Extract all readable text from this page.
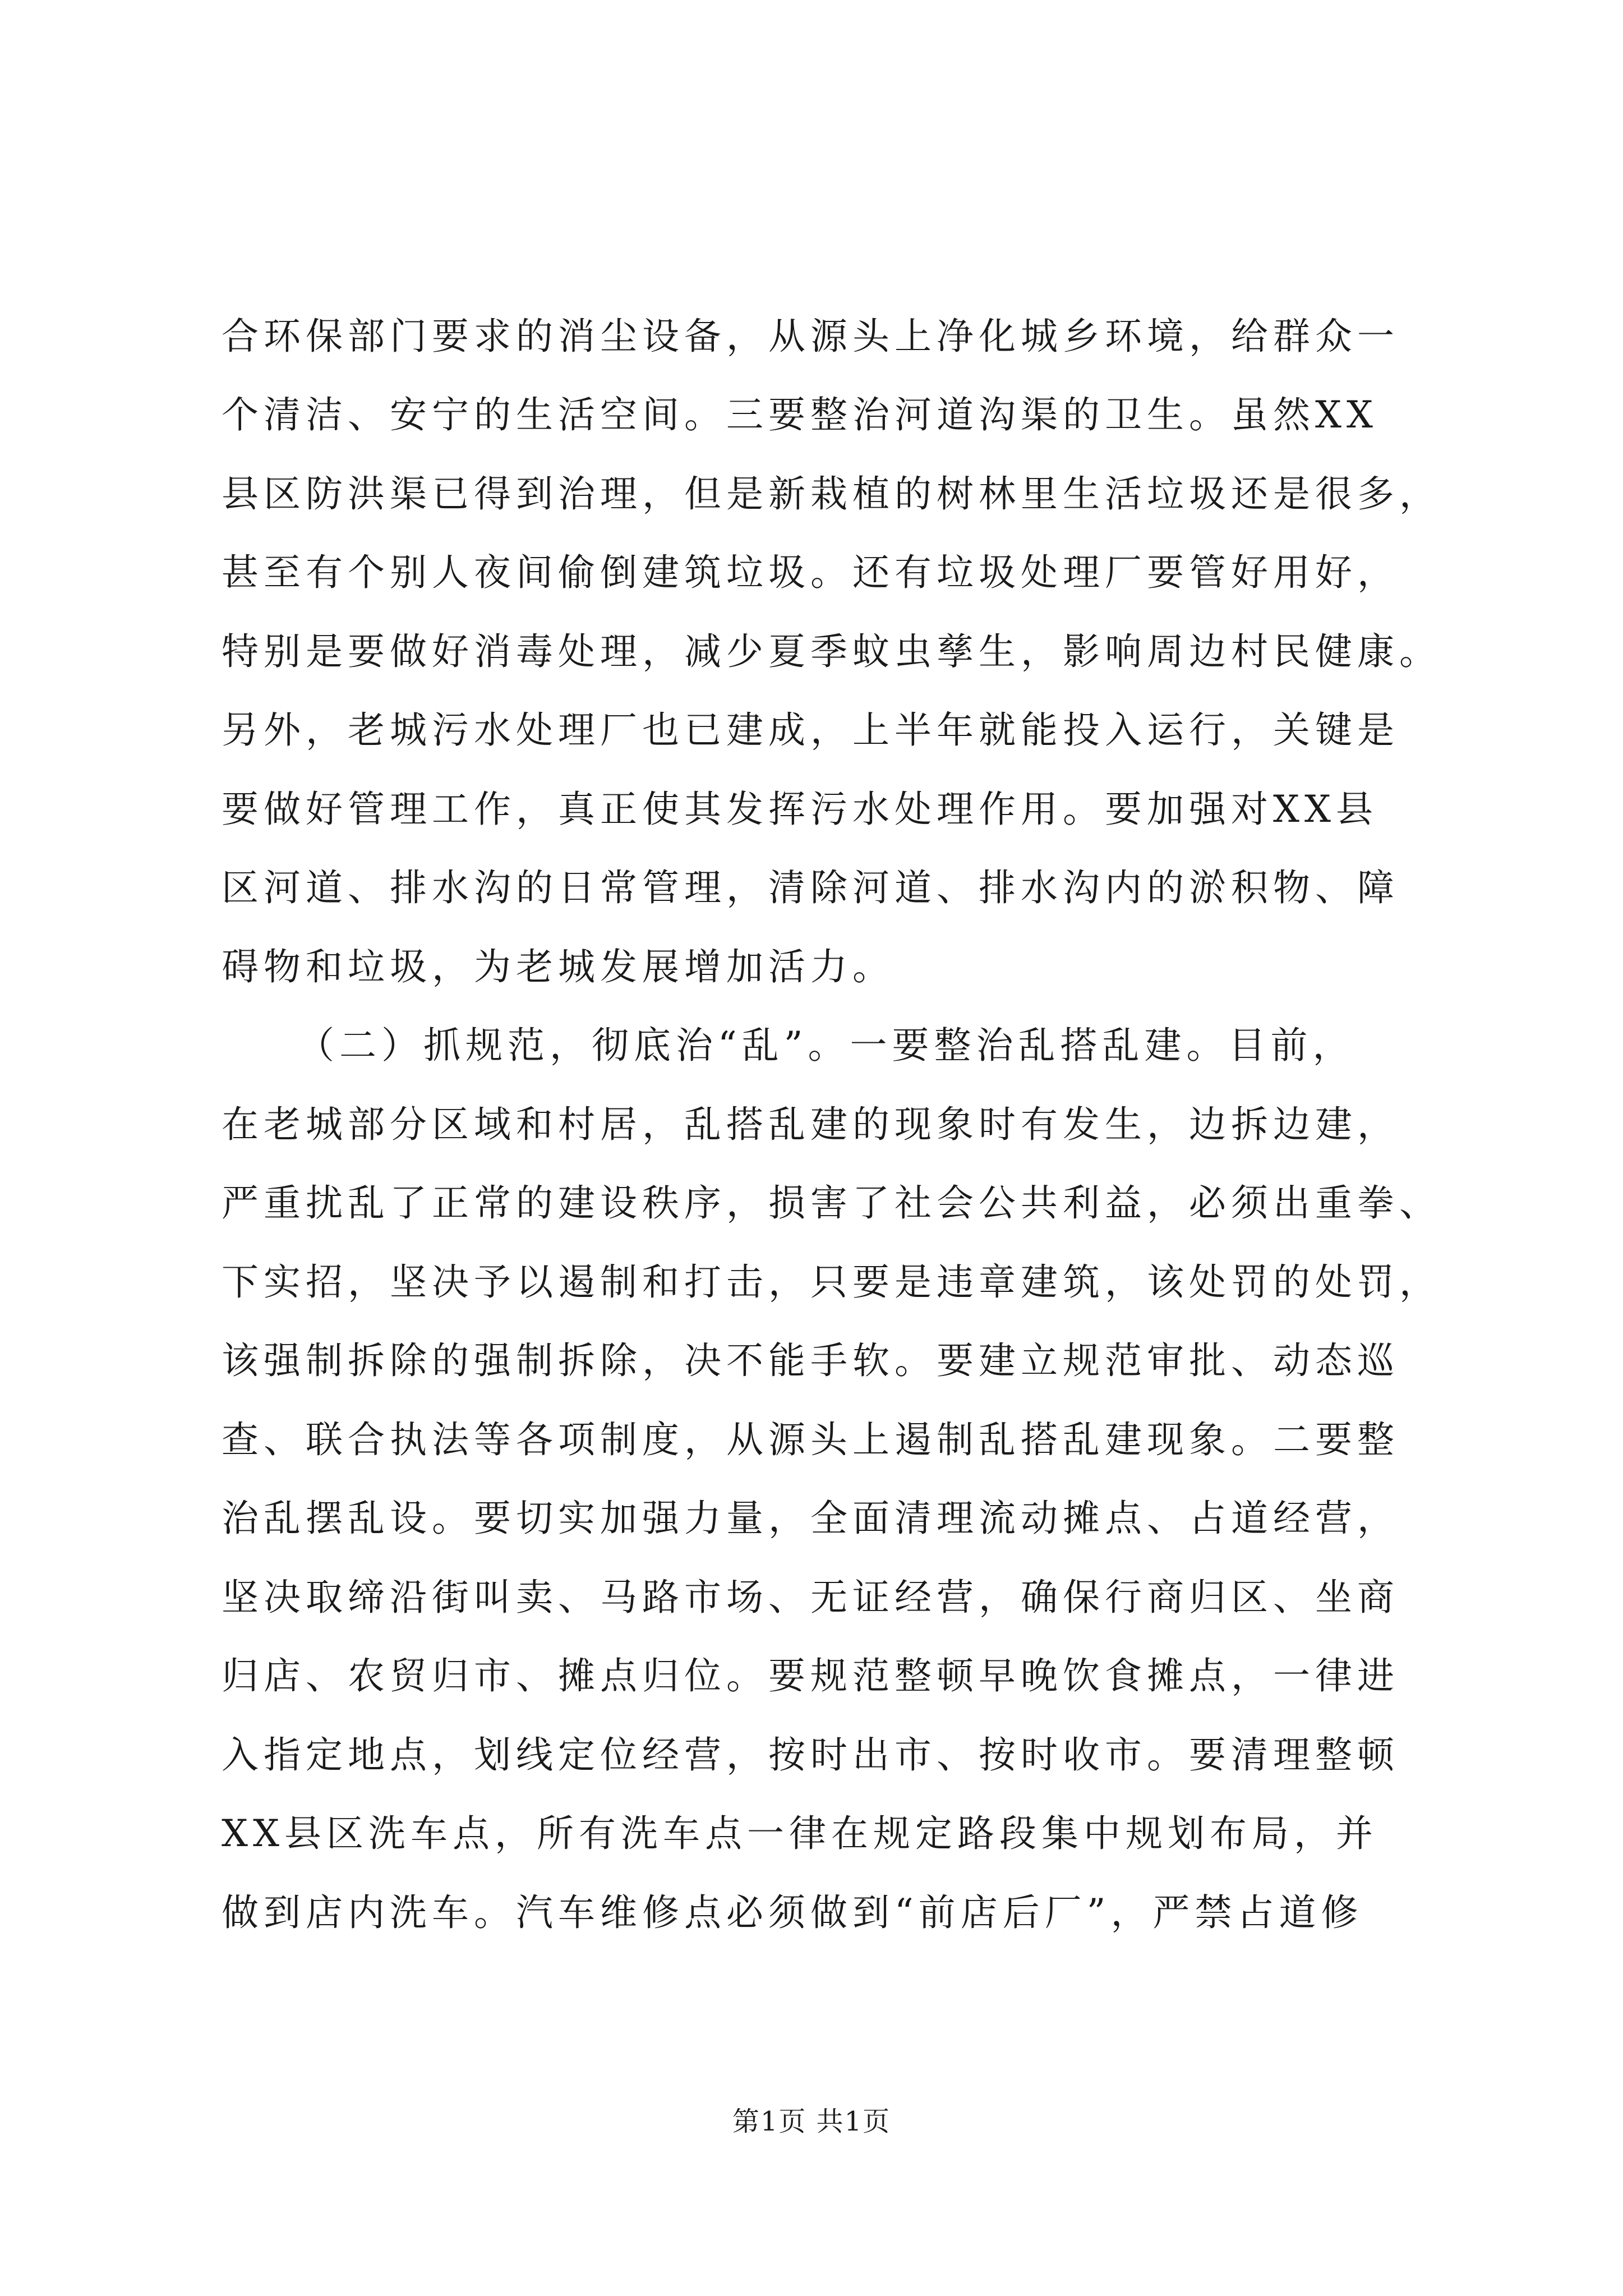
合环保部门要求的消尘设备，从源头上净化城乡环境，给群众一
个清洁、安宁的生活空间。三要整治河道沟渠的卫生。虽然XX
县区防洪渠已得到治理，但是新栽植的树林里生活垃圾还是很多，
甚至有个别人夜间偷倒建筑垃圾。还有垃圾处理厂要管好用好，
特别是要做好消毒处理，减少夏季蚊虫孳生，影响周边村民健康。
另外，老城污水处理厂也已建成，上半年就能投入运行，关键是
要做好管理工作，真正使其发挥污水处理作用。要加强对XX县
区河道、排水沟的日常管理，清除河道、排水沟内的淤积物、障
碍物和垃圾，为老城发展增加活力。
（二）抓规范，彻底治“乱”。一要整治乱搭乱建。目前，
在老城部分区域和村居，乱搭乱建的现象时有发生，边拆边建，
严重扰乱了正常的建设秩序，损害了社会公共利益，必须出重拳、
下实招，坚决予以遏制和打击，只要是违章建筑，该处罚的处罚，
该强制拆除的强制拆除，决不能手软。要建立规范审批、动态巡
查、联合执法等各项制度，从源头上遏制乱搭乱建现象。二要整
治乱摆乱设。要切实加强力量，全面清理流动摊点、占道经营，
坚决取缔沿街叫卖、马路市场、无证经营，确保行商归区、坐商
归店、农贸归市、摊点归位。要规范整顿早晚饮食摊点，一律进
入指定地点，划线定位经营，按时出市、按时收市。要清理整顿
XX县区洗车点，所有洗车点一律在规定路段集中规划布局，并
做到店内洗车。汽车维修点必须做到“前店后厂”，严禁占道修
第1页 共1页
